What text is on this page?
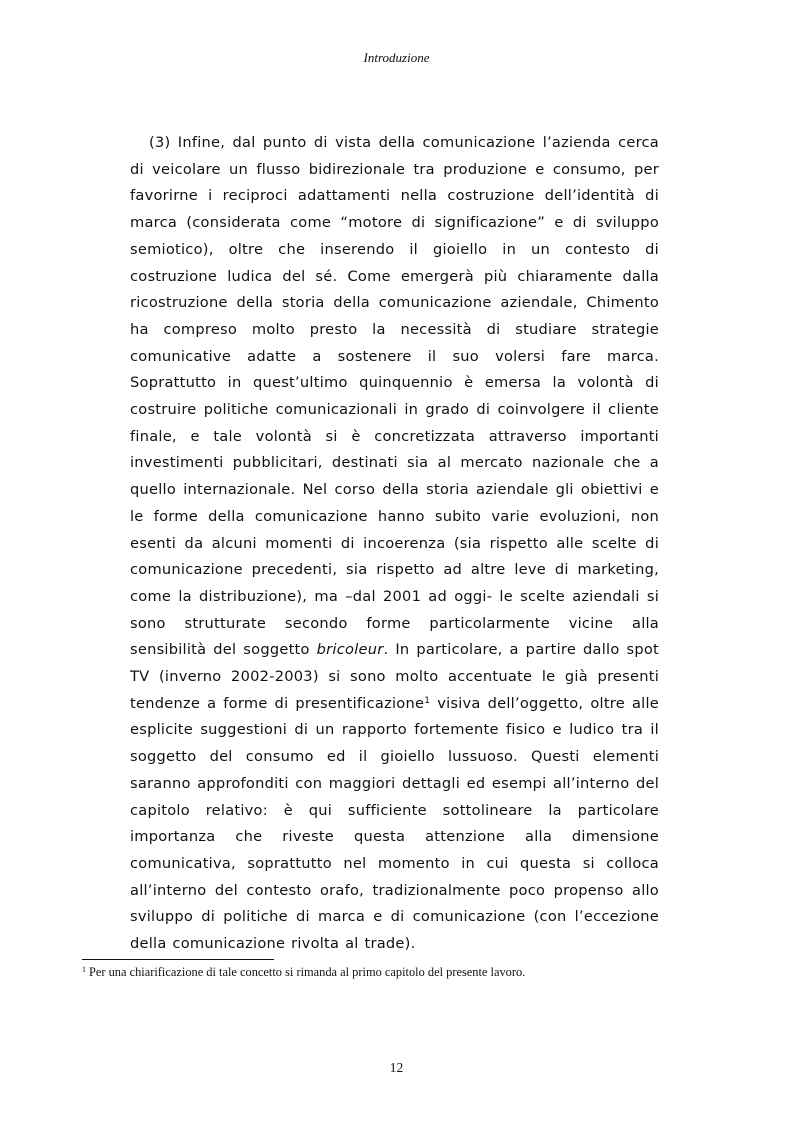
Introduzione

(3) Infine, dal punto di vista della comunicazione l’azienda cerca di veicolare un flusso bidirezionale tra produzione e consumo, per favorirne i reciproci adattamenti nella costruzione dell’identità di marca (considerata come “motore di significazione” e di sviluppo semiotico), oltre che inserendo il gioiello in un contesto di costruzione ludica del sé. Come emergerà più chiaramente dalla ricostruzione della storia della comunicazione aziendale, Chimento ha compreso molto presto la necessità di studiare strategie comunicative adatte a sostenere il suo volersi fare marca. Soprattutto in quest’ultimo quinquennio è emersa la volontà di costruire politiche comunicazionali in grado di coinvolgere il cliente finale, e tale volontà si è concretizzata attraverso importanti investimenti pubblicitari, destinati sia al mercato nazionale che a quello internazionale. Nel corso della storia aziendale gli obiettivi e le forme della comunicazione hanno subito varie evoluzioni, non esenti da alcuni momenti di incoerenza (sia rispetto alle scelte di comunicazione precedenti, sia rispetto ad altre leve di marketing, come la distribuzione), ma –dal 2001 ad oggi- le scelte aziendali si sono strutturate secondo forme particolarmente vicine alla sensibilità del soggetto bricoleur. In particolare, a partire dallo spot TV (inverno 2002-2003) si sono molto accentuate le già presenti tendenze a forme di presentificazione$^1$ visiva dell’oggetto, oltre alle esplicite suggestioni di un rapporto fortemente fisico e ludico tra il soggetto del consumo ed il gioiello lussuoso. Questi elementi saranno approfonditi con maggiori dettagli ed esempi all’interno del capitolo relativo: è qui sufficiente sottolineare la particolare importanza che riveste questa attenzione alla dimensione comunicativa, soprattutto nel momento in cui questa si colloca all’interno del contesto orafo, tradizionalmente poco propenso allo sviluppo di politiche di marca e di comunicazione (con l’eccezione della comunicazione rivolta al trade).

$^1$ Per una chiarificazione di tale concetto si rimanda al primo capitolo del presente lavoro.
12
